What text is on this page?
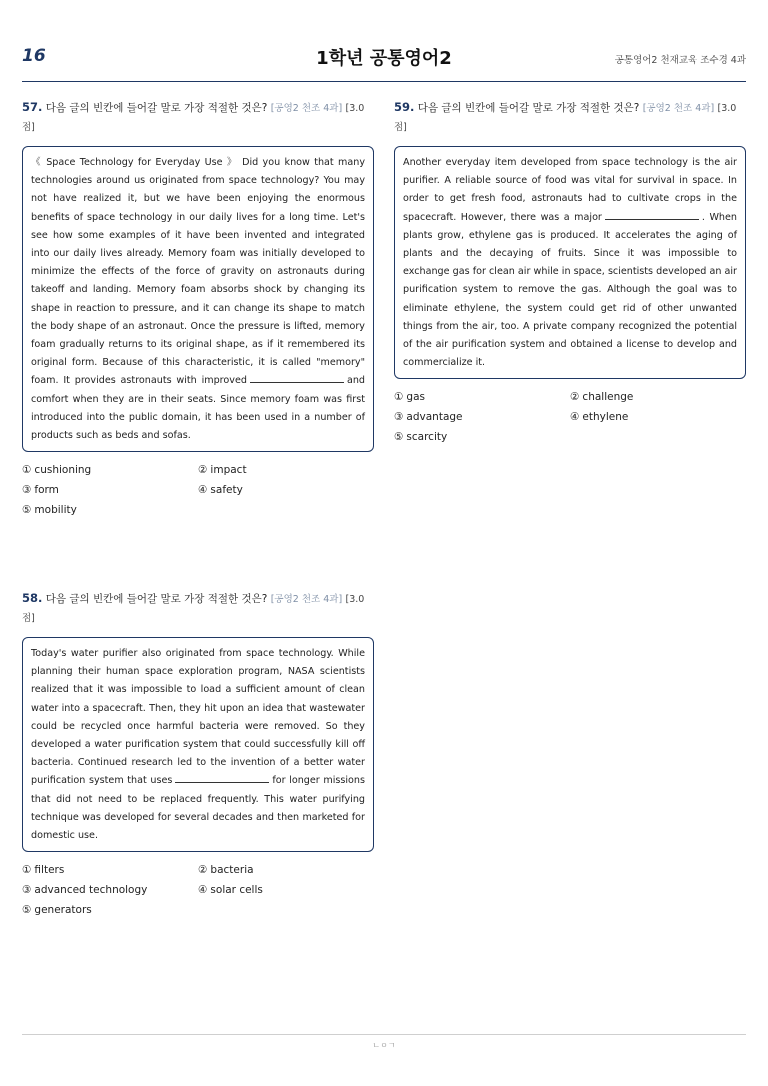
16	1학년 공통영어2	공통영어2 천재교육 조수경 4과
57. 다음 글의 빈칸에 들어갈 말로 가장 적절한 것은? [공영2 천조 4과] [3.0 점]
《 Space Technology for Everyday Use 》 Did you know that many technologies around us originated from space technology? You may not have realized it, but we have been enjoying the enormous benefits of space technology in our daily lives for a long time. Let's see how some examples of it have been invented and integrated into our daily lives already. Memory foam was initially developed to minimize the effects of the force of gravity on astronauts during takeoff and landing. Memory foam absorbs shock by changing its shape in reaction to pressure, and it can change its shape to match the body shape of an astronaut. Once the pressure is lifted, memory foam gradually returns to its original shape, as if it remembered its original form. Because of this characteristic, it is called "memory" foam. It provides astronauts with improved	and comfort when they are in their seats. Since memory foam was first introduced into the public domain, it has been used in a number of products such as beds and sofas.
① cushioning	② impact
③ form	④ safety
⑤ mobility
58. 다음 글의 빈칸에 들어갈 말로 가장 적절한 것은? [공영2 천조 4과] [3.0 점]
Today's water purifier also originated from space technology. While planning their human space exploration program, NASA scientists realized that it was impossible to load a sufficient amount of clean water into a spacecraft. Then, they hit upon an idea that wastewater could be recycled once harmful bacteria were removed. So they developed a water purification system that could successfully kill off bacteria. Continued research led to the invention of a better water purification system that uses	for longer missions that did not need to be replaced frequently. This water purifying technique was developed for several decades and then marketed for domestic use.
① filters	② bacteria
③ advanced technology	④ solar cells
⑤ generators
59. 다음 글의 빈칸에 들어갈 말로 가장 적절한 것은? [공영2 천조 4과] [3.0 점]
Another everyday item developed from space technology is the air purifier. A reliable source of food was vital for survival in space. In order to get fresh food, astronauts had to cultivate crops in the spacecraft. However, there was a major	. When plants grow, ethylene gas is produced. It accelerates the aging of plants and the decaying of fruits. Since it was impossible to exchange gas for clean air while in space, scientists developed an air purification system to remove the gas. Although the goal was to eliminate ethylene, the system could get rid of other unwanted things from the air, too. A private company recognized the potential of the air purification system and obtained a license to develop and commercialize it.
① gas	② challenge
③ advantage	④ ethylene
⑤ scarcity
ㄴㅇㄱ
